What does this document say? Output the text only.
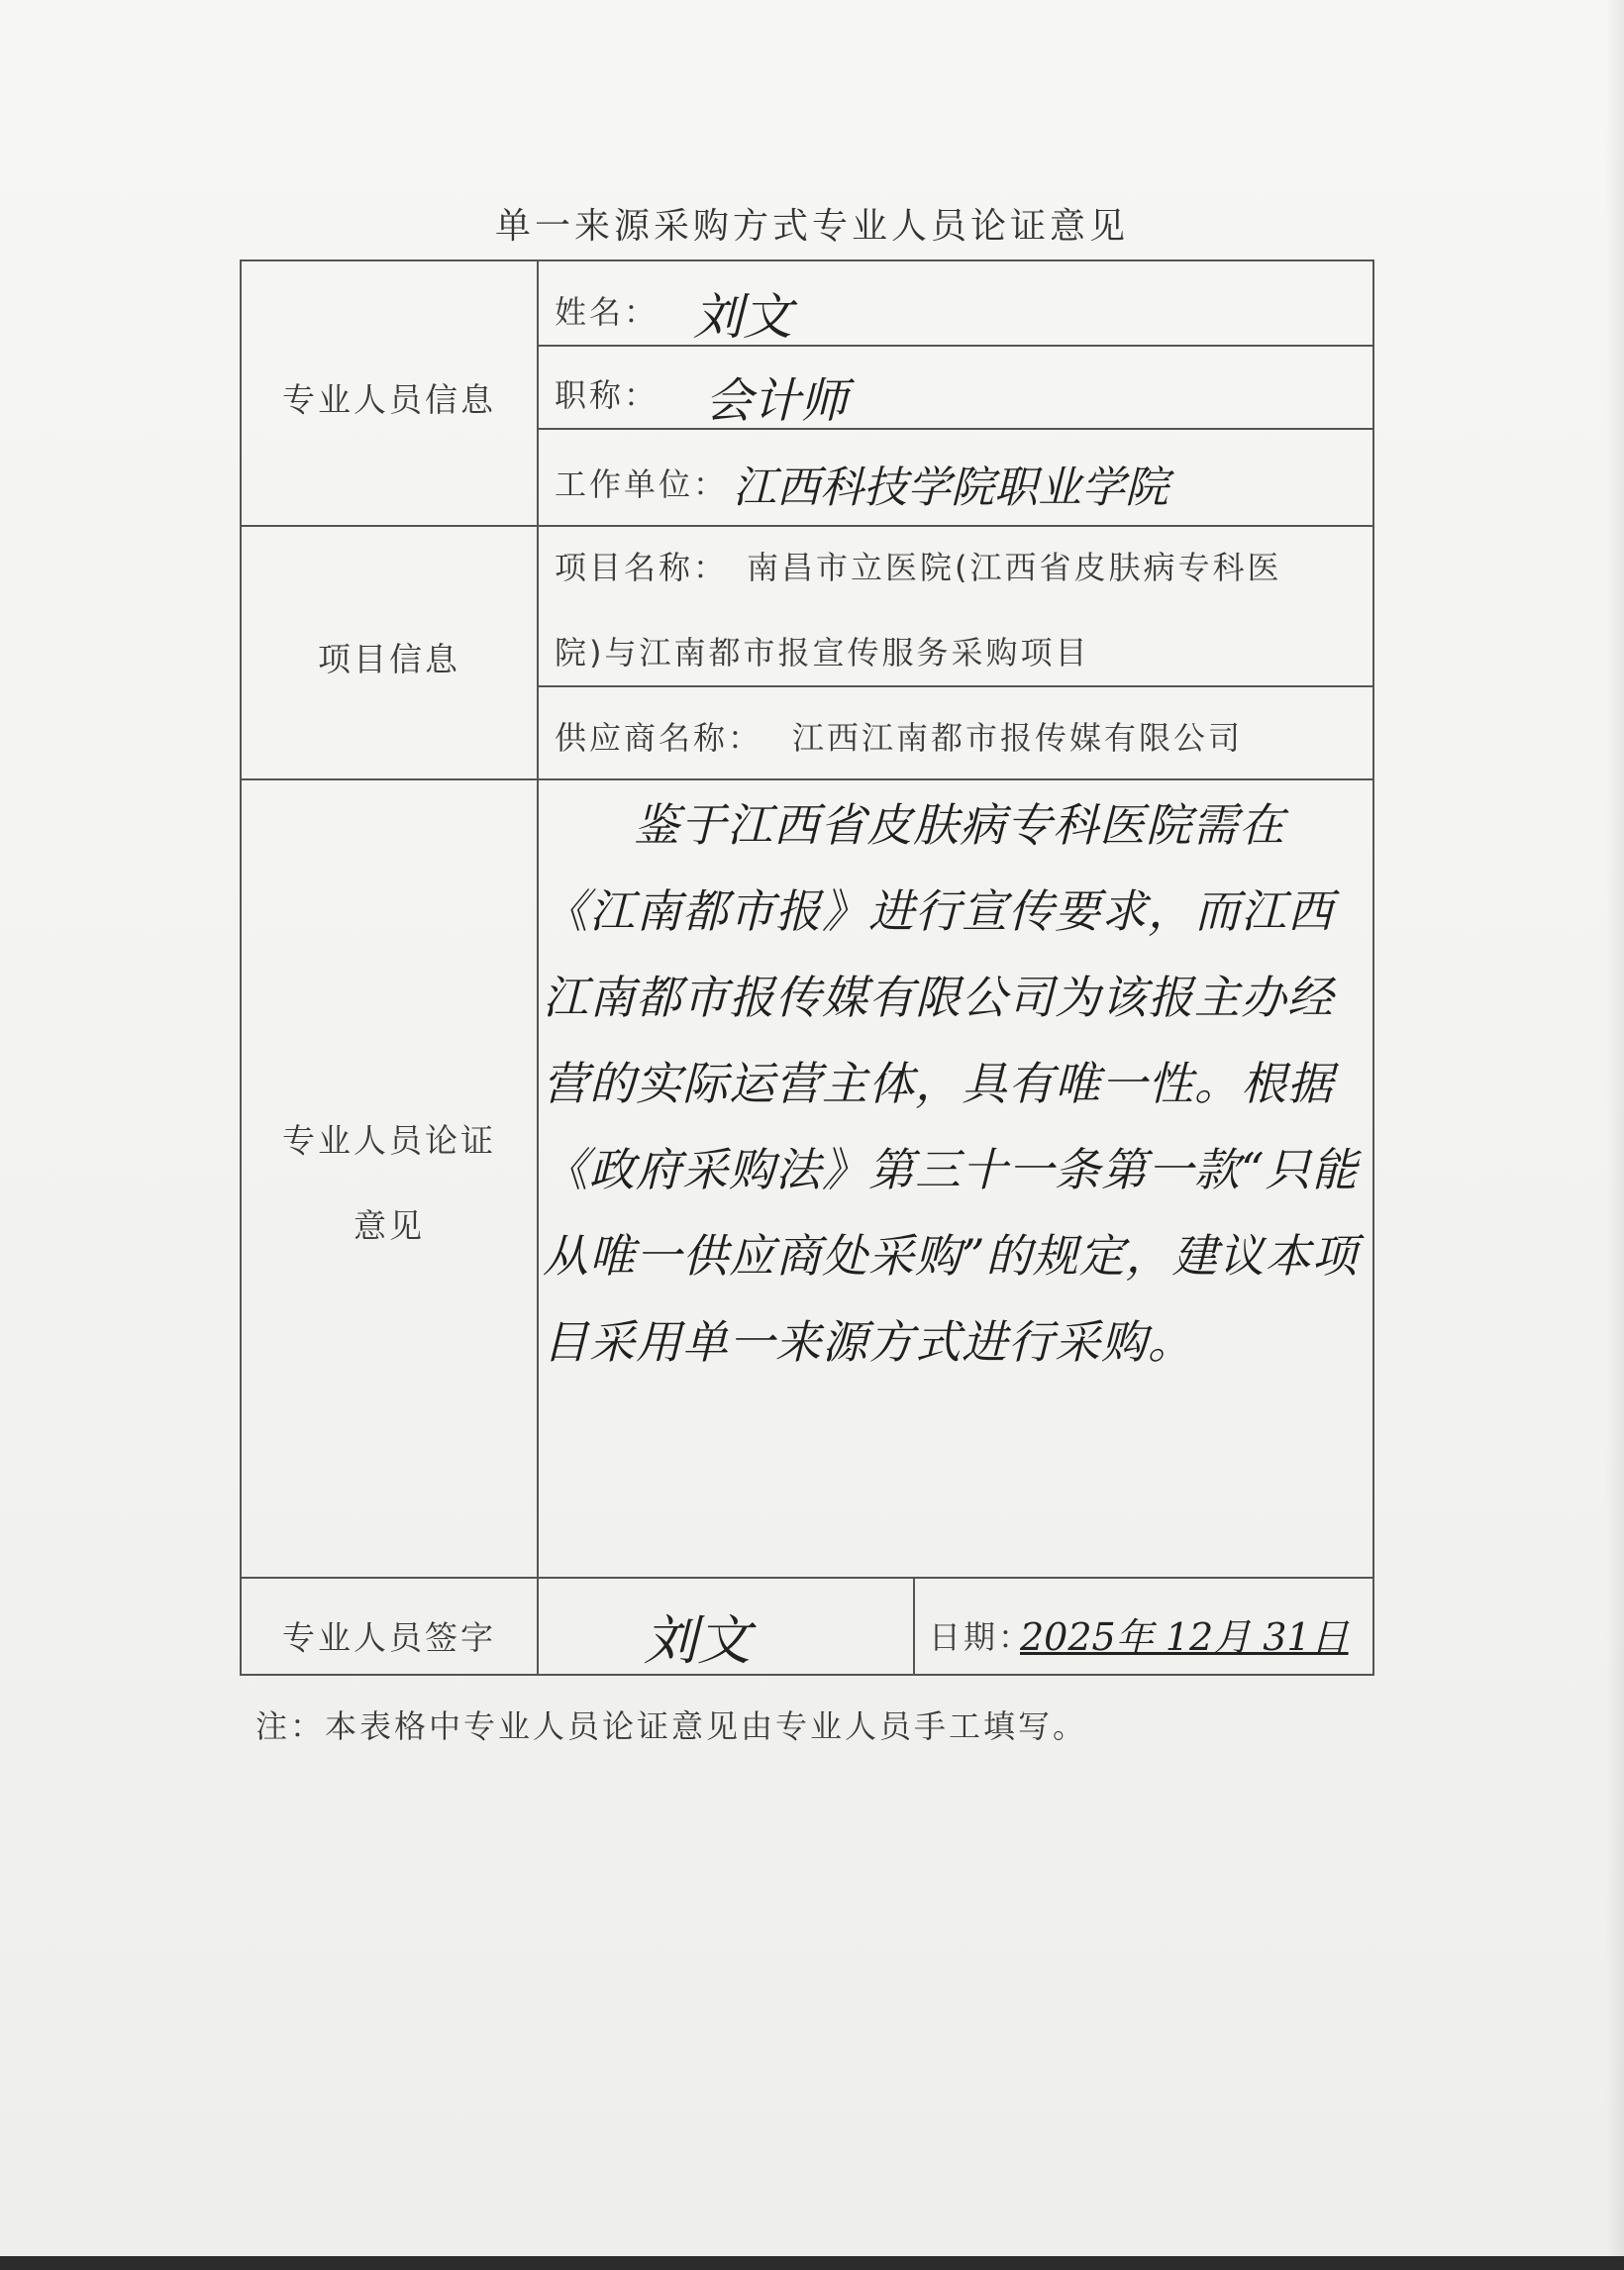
单一来源采购方式专业人员论证意见
专业人员信息
项目信息
专业人员论证
意见
专业人员签字
姓名： 刘文
职称： 会计师
工作单位： 江西科技学院职业学院
项目名称： 南昌市立医院(江西省皮肤病专科医
院)与江南都市报宣传服务采购项目
供应商名称： 江西江南都市报传媒有限公司
鉴于江西省皮肤病专科医院需在《江南都市报》进行宣传要求，而江西江南都市报传媒有限公司为该报主办经营的实际运营主体，具有唯一性。根据《政府采购法》第三十一条第一款“只能从唯一供应商处采购”的规定，建议本项目采用单一来源方式进行采购。
刘文	日期：
2025年 12月 31日
注：本表格中专业人员论证意见由专业人员手工填写。
